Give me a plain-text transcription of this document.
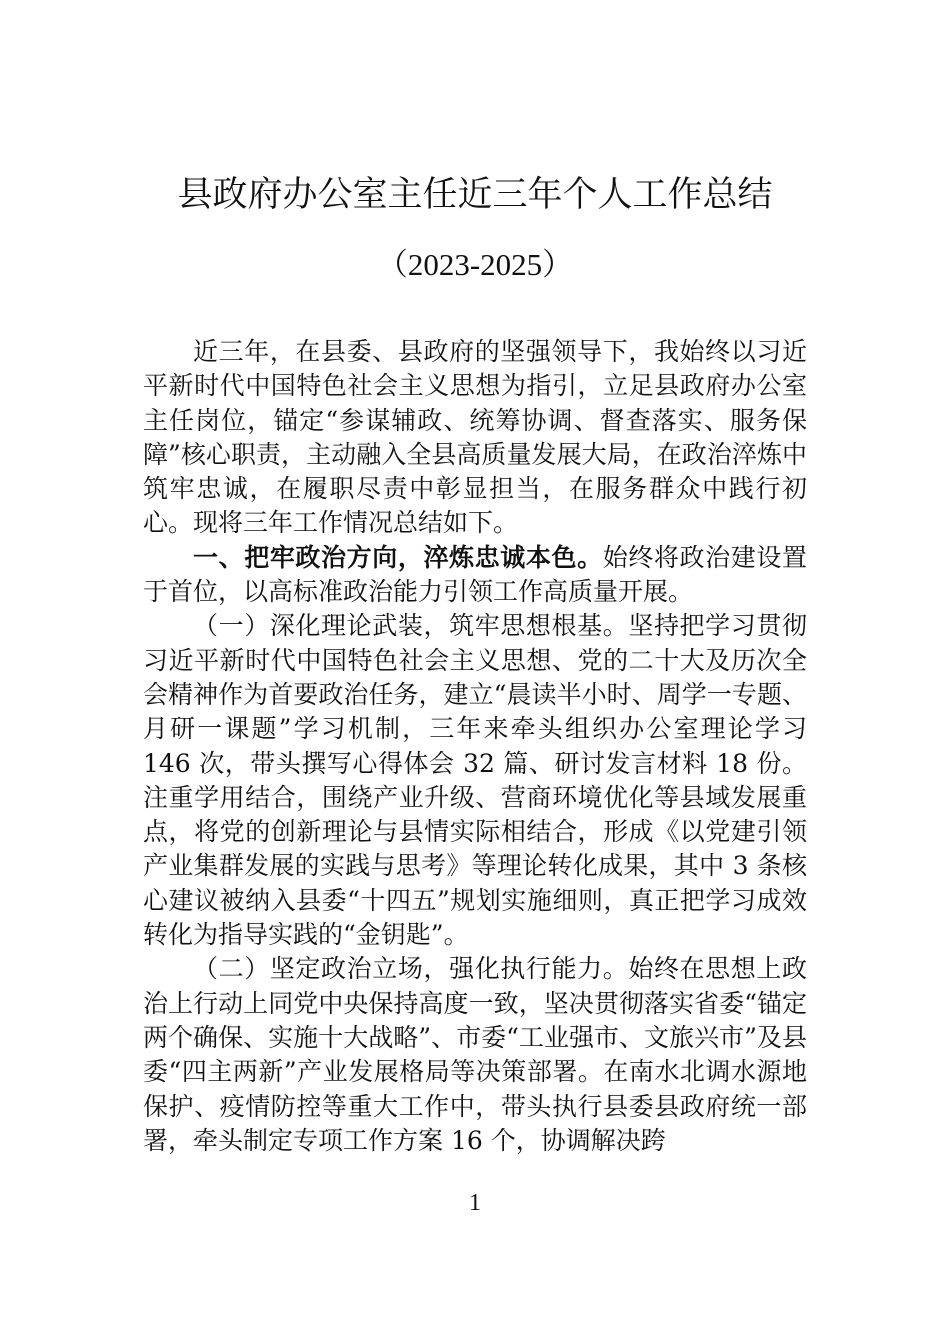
县政府办公室主任近三年个人工作总结
（2023-2025）

近三年，在县委、县政府的坚强领导下，我始终以习近平新时代中国特色社会主义思想为指引，立足县政府办公室主任岗位，锚定“参谋辅政、统筹协调、督查落实、服务保障”核心职责，主动融入全县高质量发展大局，在政治淬炼中筑牢忠诚，在履职尽责中彰显担当，在服务群众中践行初心。现将三年工作情况总结如下。

一、把牢政治方向，淬炼忠诚本色。始终将政治建设置于首位，以高标准政治能力引领工作高质量开展。

（一）深化理论武装，筑牢思想根基。坚持把学习贯彻习近平新时代中国特色社会主义思想、党的二十大及历次全会精神作为首要政治任务，建立“晨读半小时、周学一专题、月研一课题”学习机制，三年来牵头组织办公室理论学习 146 次，带头撰写心得体会 32 篇、研讨发言材料 18 份。注重学用结合，围绕产业升级、营商环境优化等县域发展重点，将党的创新理论与县情实际相结合，形成《以党建引领产业集群发展的实践与思考》等理论转化成果，其中 3 条核心建议被纳入县委“十四五”规划实施细则，真正把学习成效转化为指导实践的“金钥匙”。

（二）坚定政治立场，强化执行能力。始终在思想上政治上行动上同党中央保持高度一致，坚决贯彻落实省委“锚定两个确保、实施十大战略”、市委“工业强市、文旅兴市”及县委“四主两新”产业发展格局等决策部署。在南水北调水源地保护、疫情防控等重大工作中，带头执行县委县政府统一部署，牵头制定专项工作方案 16 个，协调解决跨

1
